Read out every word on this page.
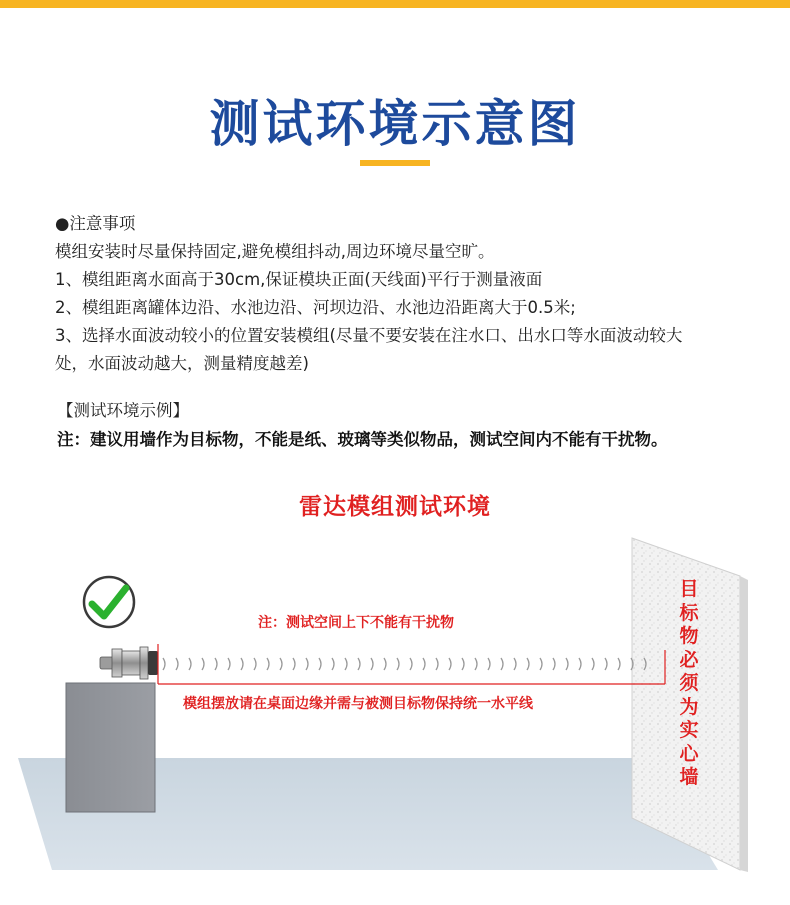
测试环境示意图
●注意事项
模组安装时尽量保持固定,避免模组抖动,周边环境尽量空旷。
1、模组距离水面高于30cm,保证模块正面(天线面)平行于测量液面
2、模组距离罐体边沿、水池边沿、河坝边沿、水池边沿距离大于0.5米;
3、选择水面波动较小的位置安装模组(尽量不要安装在注水口、出水口等水面波动较大
处，水面波动越大，测量精度越差)
【测试环境示例】
注：建议用墙作为目标物，不能是纸、玻璃等类似物品，测试空间内不能有干扰物。
雷达模组测试环境
注：测试空间上下不能有干扰物
模组摆放请在桌面边缘并需与被测目标物保持统一水平线
目标物必须为实心墙
